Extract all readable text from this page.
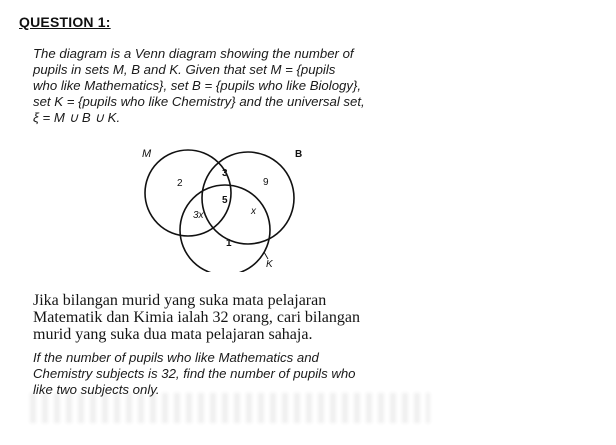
QUESTION 1:
The diagram is a Venn diagram showing the number of
pupils in sets M, B and K. Given that set M = {pupils
who like Mathematics}, set B = {pupils who like Biology},
set K = {pupils who like Chemistry} and the universal set,
ξ = M ∪ B ∪ K.
M	B
K
2
3
5
3x
9
x
1
Jika bilangan murid yang suka mata pelajaran
Matematik dan Kimia ialah 32 orang, cari bilangan
murid yang suka dua mata pelajaran sahaja.
If the number of pupils who like Mathematics and
Chemistry subjects is 32, find the number of pupils who
like two subjects only.
